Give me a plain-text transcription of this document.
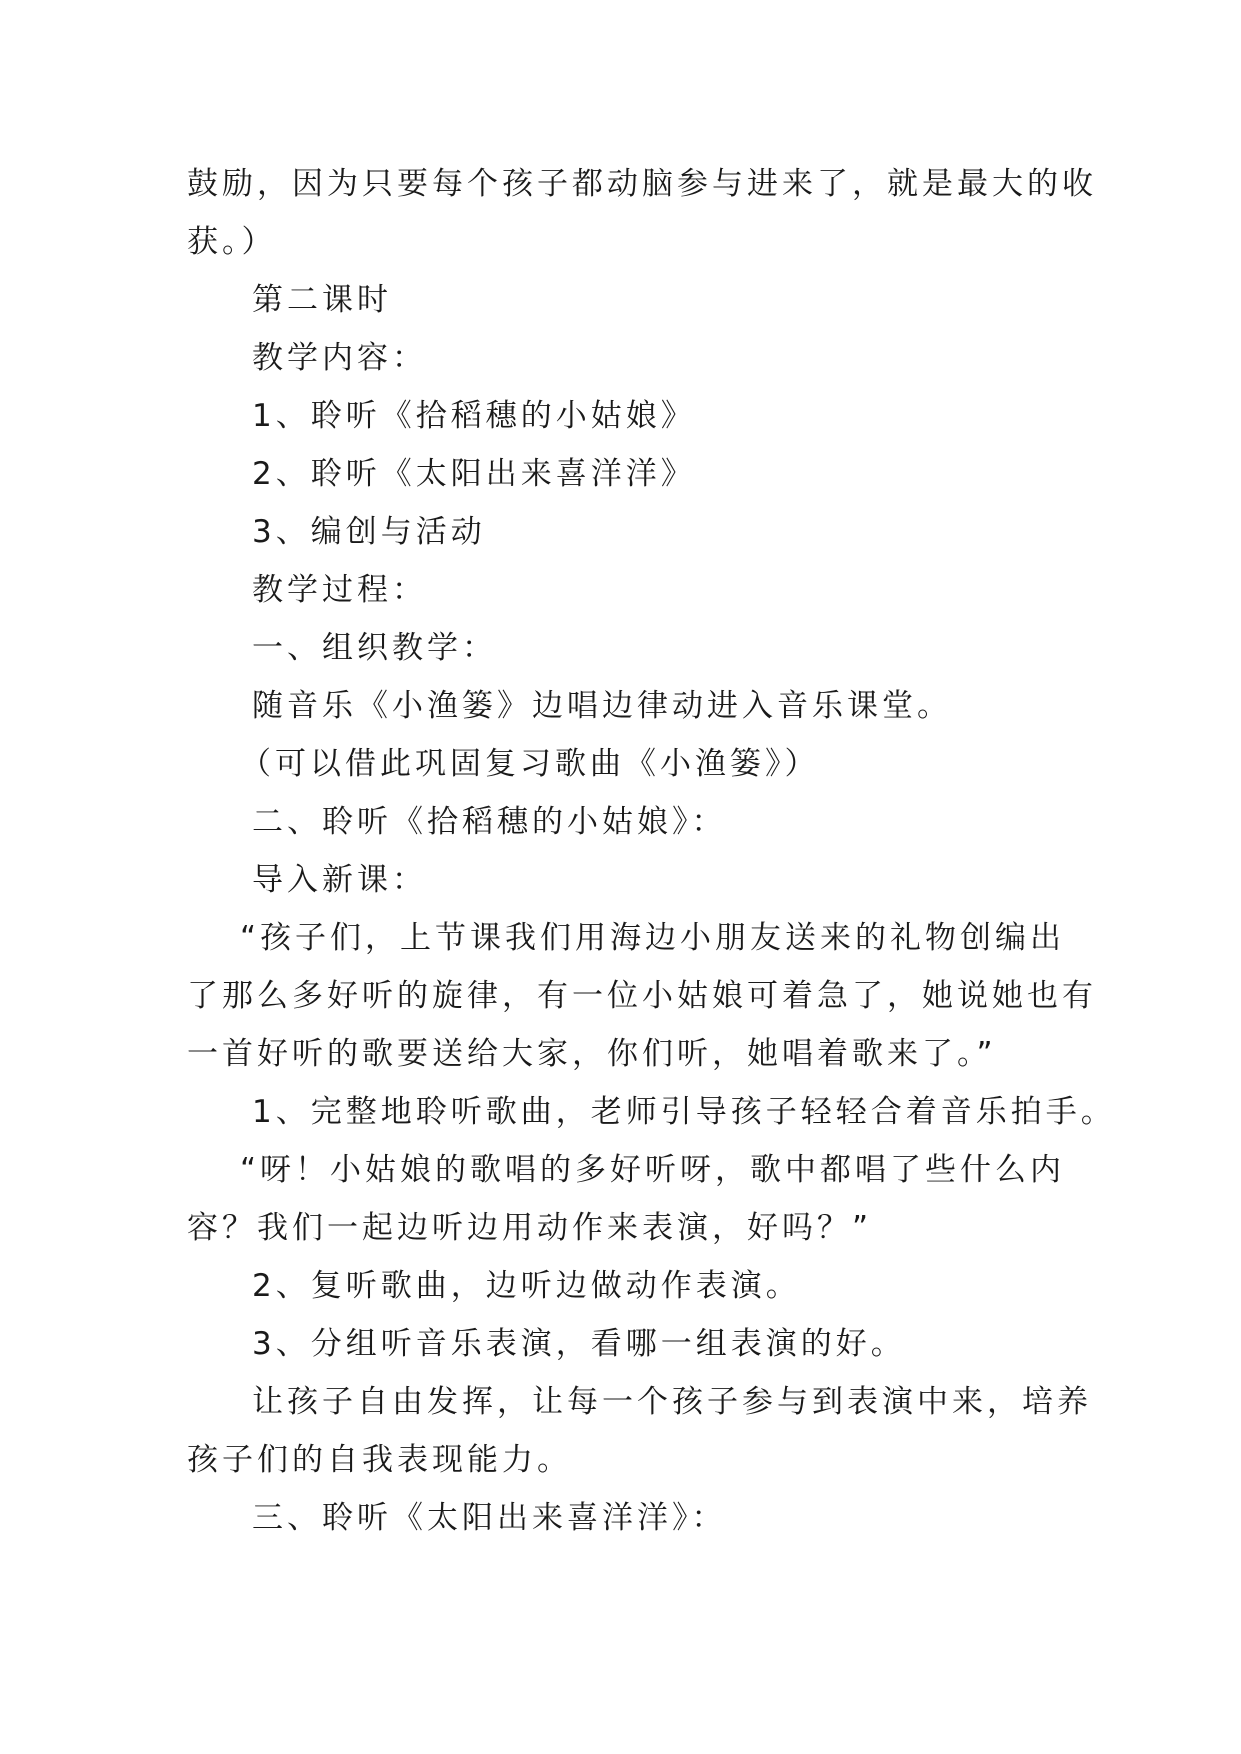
鼓励，因为只要每个孩子都动脑参与进来了，就是最大的收
获。）
第二课时
教学内容：
1、聆听《拾稻穗的小姑娘》
2、聆听《太阳出来喜洋洋》
3、编创与活动
教学过程：
一、组织教学：
随音乐《小渔篓》边唱边律动进入音乐课堂。
（可以借此巩固复习歌曲《小渔篓》）
二、聆听《拾稻穗的小姑娘》：
导入新课：
“孩子们，上节课我们用海边小朋友送来的礼物创编出
了那么多好听的旋律，有一位小姑娘可着急了，她说她也有
一首好听的歌要送给大家，你们听，她唱着歌来了。”
1、完整地聆听歌曲，老师引导孩子轻轻合着音乐拍手。
“呀！小姑娘的歌唱的多好听呀，歌中都唱了些什么内
容？我们一起边听边用动作来表演，好吗？”
2、复听歌曲，边听边做动作表演。
3、分组听音乐表演，看哪一组表演的好。
让孩子自由发挥，让每一个孩子参与到表演中来，培养
孩子们的自我表现能力。
三、聆听《太阳出来喜洋洋》：
